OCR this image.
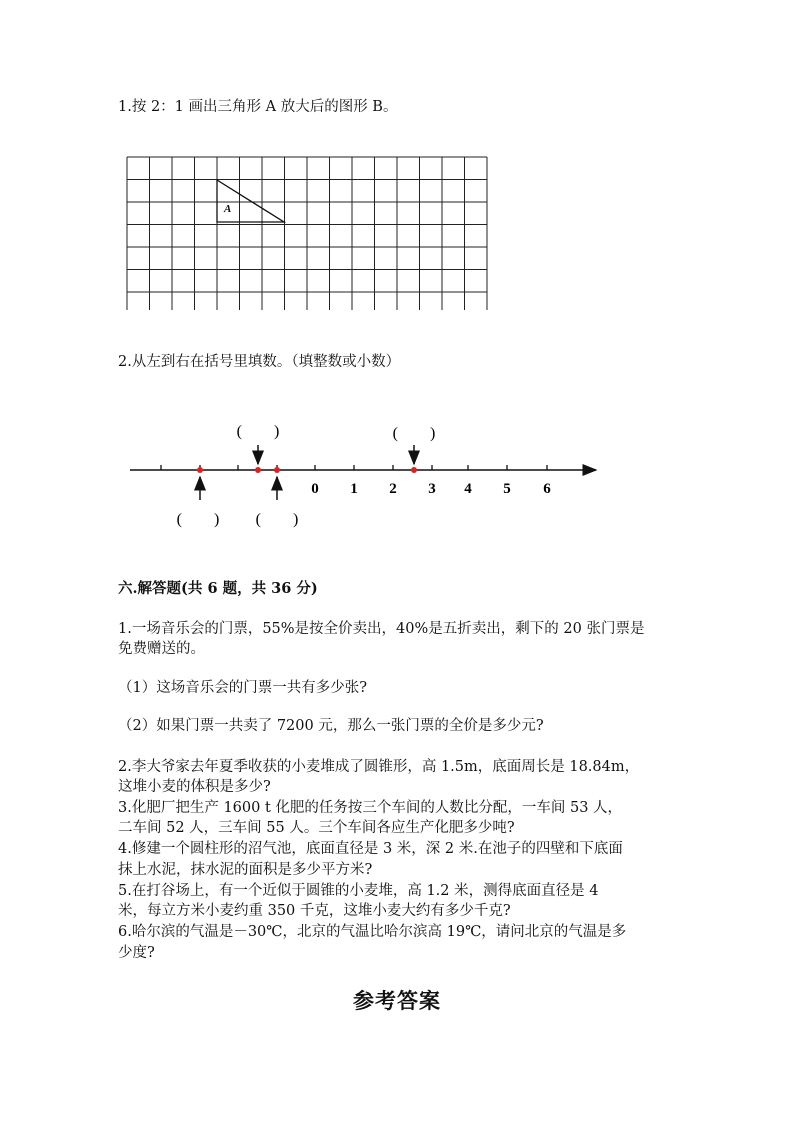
1.按 2：1 画出三角形 A 放大后的图形 B。
A
2.从左到右在括号里填数。（填整数或小数）
0 1 2 3 4 5 6
(　　)	(　　)
(　　) (　　)
六.解答题(共 6 题，共 36 分)
1.一场音乐会的门票，55%是按全价卖出，40%是五折卖出，剩下的 20 张门票是
免费赠送的。
（1）这场音乐会的门票一共有多少张?
（2）如果门票一共卖了 7200 元，那么一张门票的全价是多少元?
2.李大爷家去年夏季收获的小麦堆成了圆锥形，高 1.5m，底面周长是 18.84m，
这堆小麦的体积是多少?
3.化肥厂把生产 1600 t 化肥的任务按三个车间的人数比分配，一车间 53 人，
二车间 52 人，三车间 55 人。三个车间各应生产化肥多少吨?
4.修建一个圆柱形的沼气池，底面直径是 3 米，深 2 米.在池子的四壁和下底面
抹上水泥，抹水泥的面积是多少平方米?
5.在打谷场上，有一个近似于圆锥的小麦堆，高 1.2 米，测得底面直径是 4
米，每立方米小麦约重 350 千克，这堆小麦大约有多少千克?
6.哈尔滨的气温是－30℃，北京的气温比哈尔滨高 19℃，请问北京的气温是多
少度?
参考答案
